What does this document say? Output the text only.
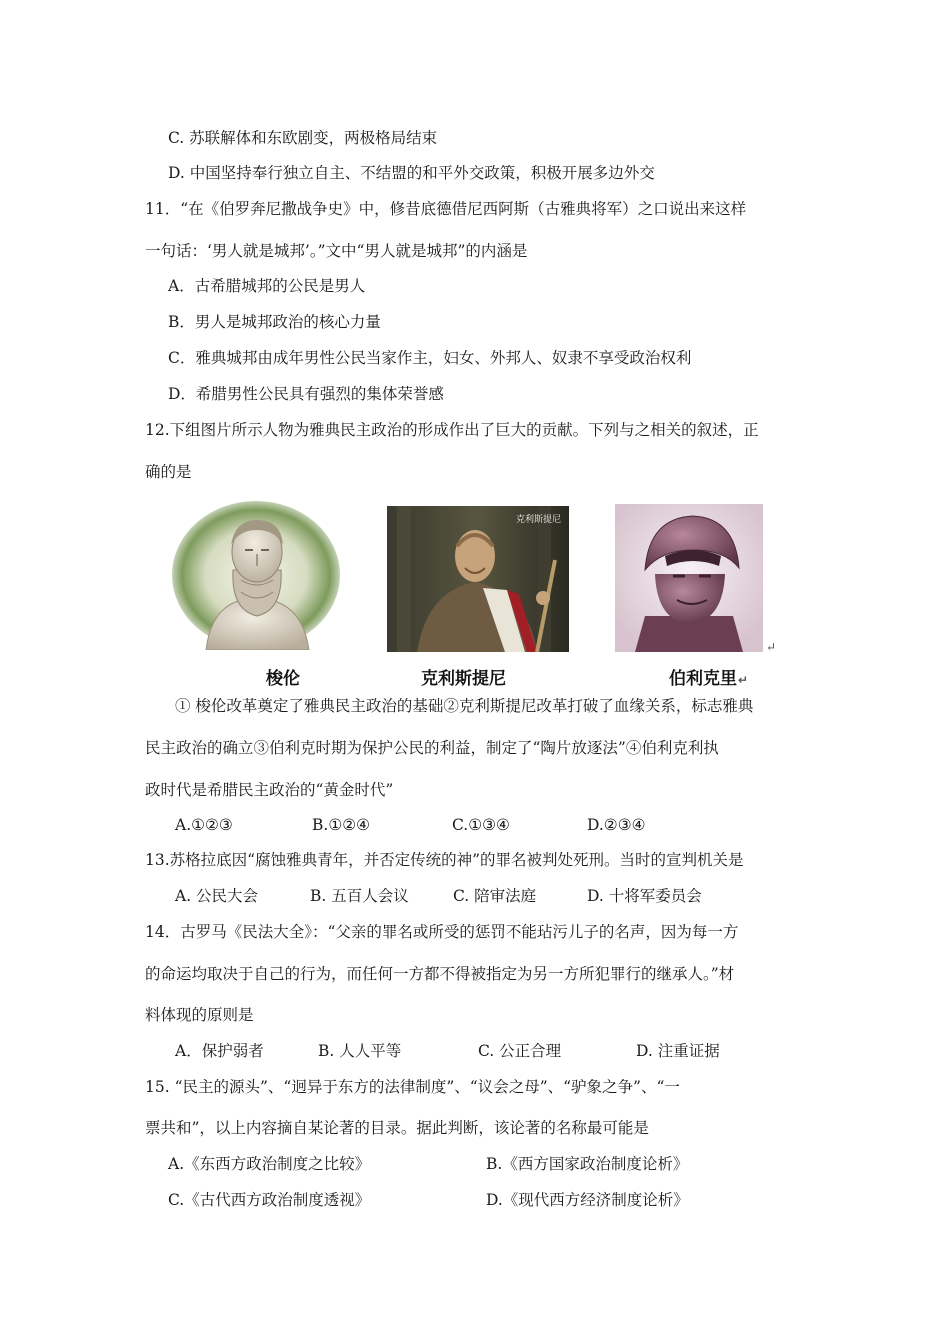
C. 苏联解体和东欧剧变，两极格局结束
D. 中国坚持奉行独立自主、不结盟的和平外交政策，积极开展多边外交
11．“在《伯罗奔尼撒战争史》中，修昔底德借尼西阿斯（古雅典将军）之口说出来这样
一句话：‘男人就是城邦’。”文中“男人就是城邦”的内涵是
A．古希腊城邦的公民是男人
B．男人是城邦政治的核心力量
C．雅典城邦由成年男性公民当家作主，妇女、外邦人、奴隶不享受政治权利
D．希腊男性公民具有强烈的集体荣誉感
12.下组图片所示人物为雅典民主政治的形成作出了巨大的贡献。下列与之相关的叙述，正
确的是
克利斯提尼
梭伦	克利斯提尼	伯利克里↵
↵
① 梭伦改革奠定了雅典民主政治的基础②克利斯提尼改革打破了血缘关系，标志雅典
民主政治的确立③伯利克时期为保护公民的利益，制定了“陶片放逐法”④伯利克利执
政时代是希腊民主政治的“黄金时代”
A.①②③	B.①②④	C.①③④	D.②③④
13.苏格拉底因“腐蚀雅典青年，并否定传统的神”的罪名被判处死刑。当时的宣判机关是
A. 公民大会	B. 五百人会议	C. 陪审法庭	D. 十将军委员会
14．古罗马《民法大全》：“父亲的罪名或所受的惩罚不能玷污儿子的名声，因为每一方
的命运均取决于自己的行为，而任何一方都不得被指定为另一方所犯罪行的继承人。”材
料体现的原则是
A．保护弱者	B. 人人平等	C. 公正合理	D. 注重证据
15. “民主的源头”、“迥异于东方的法律制度”、“议会之母”、“驴象之争”、“一
票共和”，以上内容摘自某论著的目录。据此判断，该论著的名称最可能是
A.《东西方政治制度之比较》	B.《西方国家政治制度论析》
C.《古代西方政治制度透视》	D.《现代西方经济制度论析》
